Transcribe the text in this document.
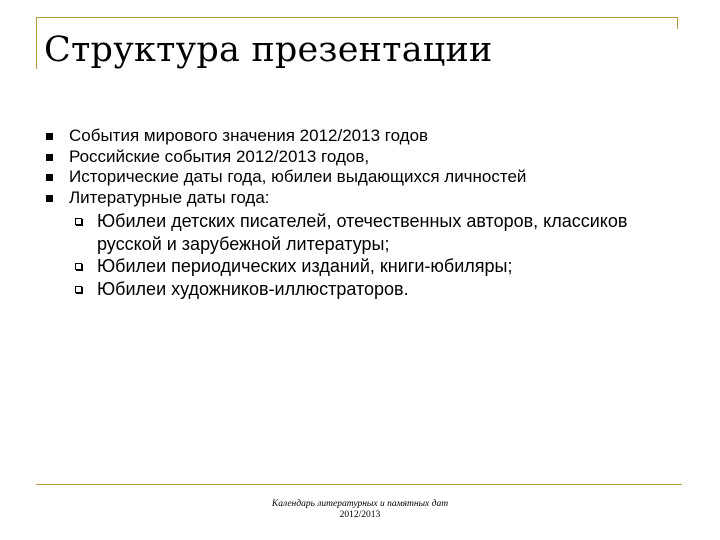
Структура презентации
События мирового значения 2012/2013 годов
Российские события 2012/2013 годов,
Исторические даты года, юбилеи выдающихся личностей
Литературные даты года:
Юбилеи детских писателей, отечественных авторов, классиков русской и зарубежной литературы;
Юбилеи периодических изданий, книги-юбиляры;
Юбилеи художников-иллюстраторов.
Календарь литературных и памятных дат
2012/2013
